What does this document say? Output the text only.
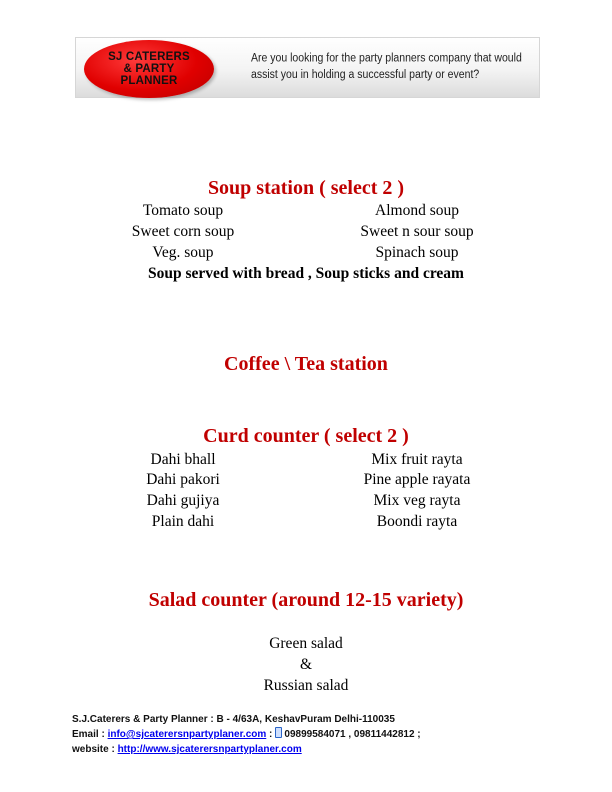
SJ CATERERS
& PARTY
PLANNER
Are you looking for the party planners company that would assist you in holding a successful party or event?
Soup station ( select 2 )
Tomato soup	Almond soup
Sweet corn soup	Sweet n sour soup
Veg. soup	Spinach soup
Soup served with bread , Soup sticks and cream
Coffee \ Tea station
Curd counter ( select 2 )
Dahi bhall	Mix fruit rayta
Dahi pakori	Pine apple rayata
Dahi gujiya	Mix veg rayta
Plain dahi	Boondi rayta
Salad counter (around 12-15 variety)
Green salad
&
Russian salad
S.J.Caterers & Party Planner : B - 4/63A, KeshavPuram Delhi-110035
Email : info@sjcaterersnpartyplaner.com : 09899584071 , 09811442812 ;
website : http://www.sjcaterersnpartyplaner.com
